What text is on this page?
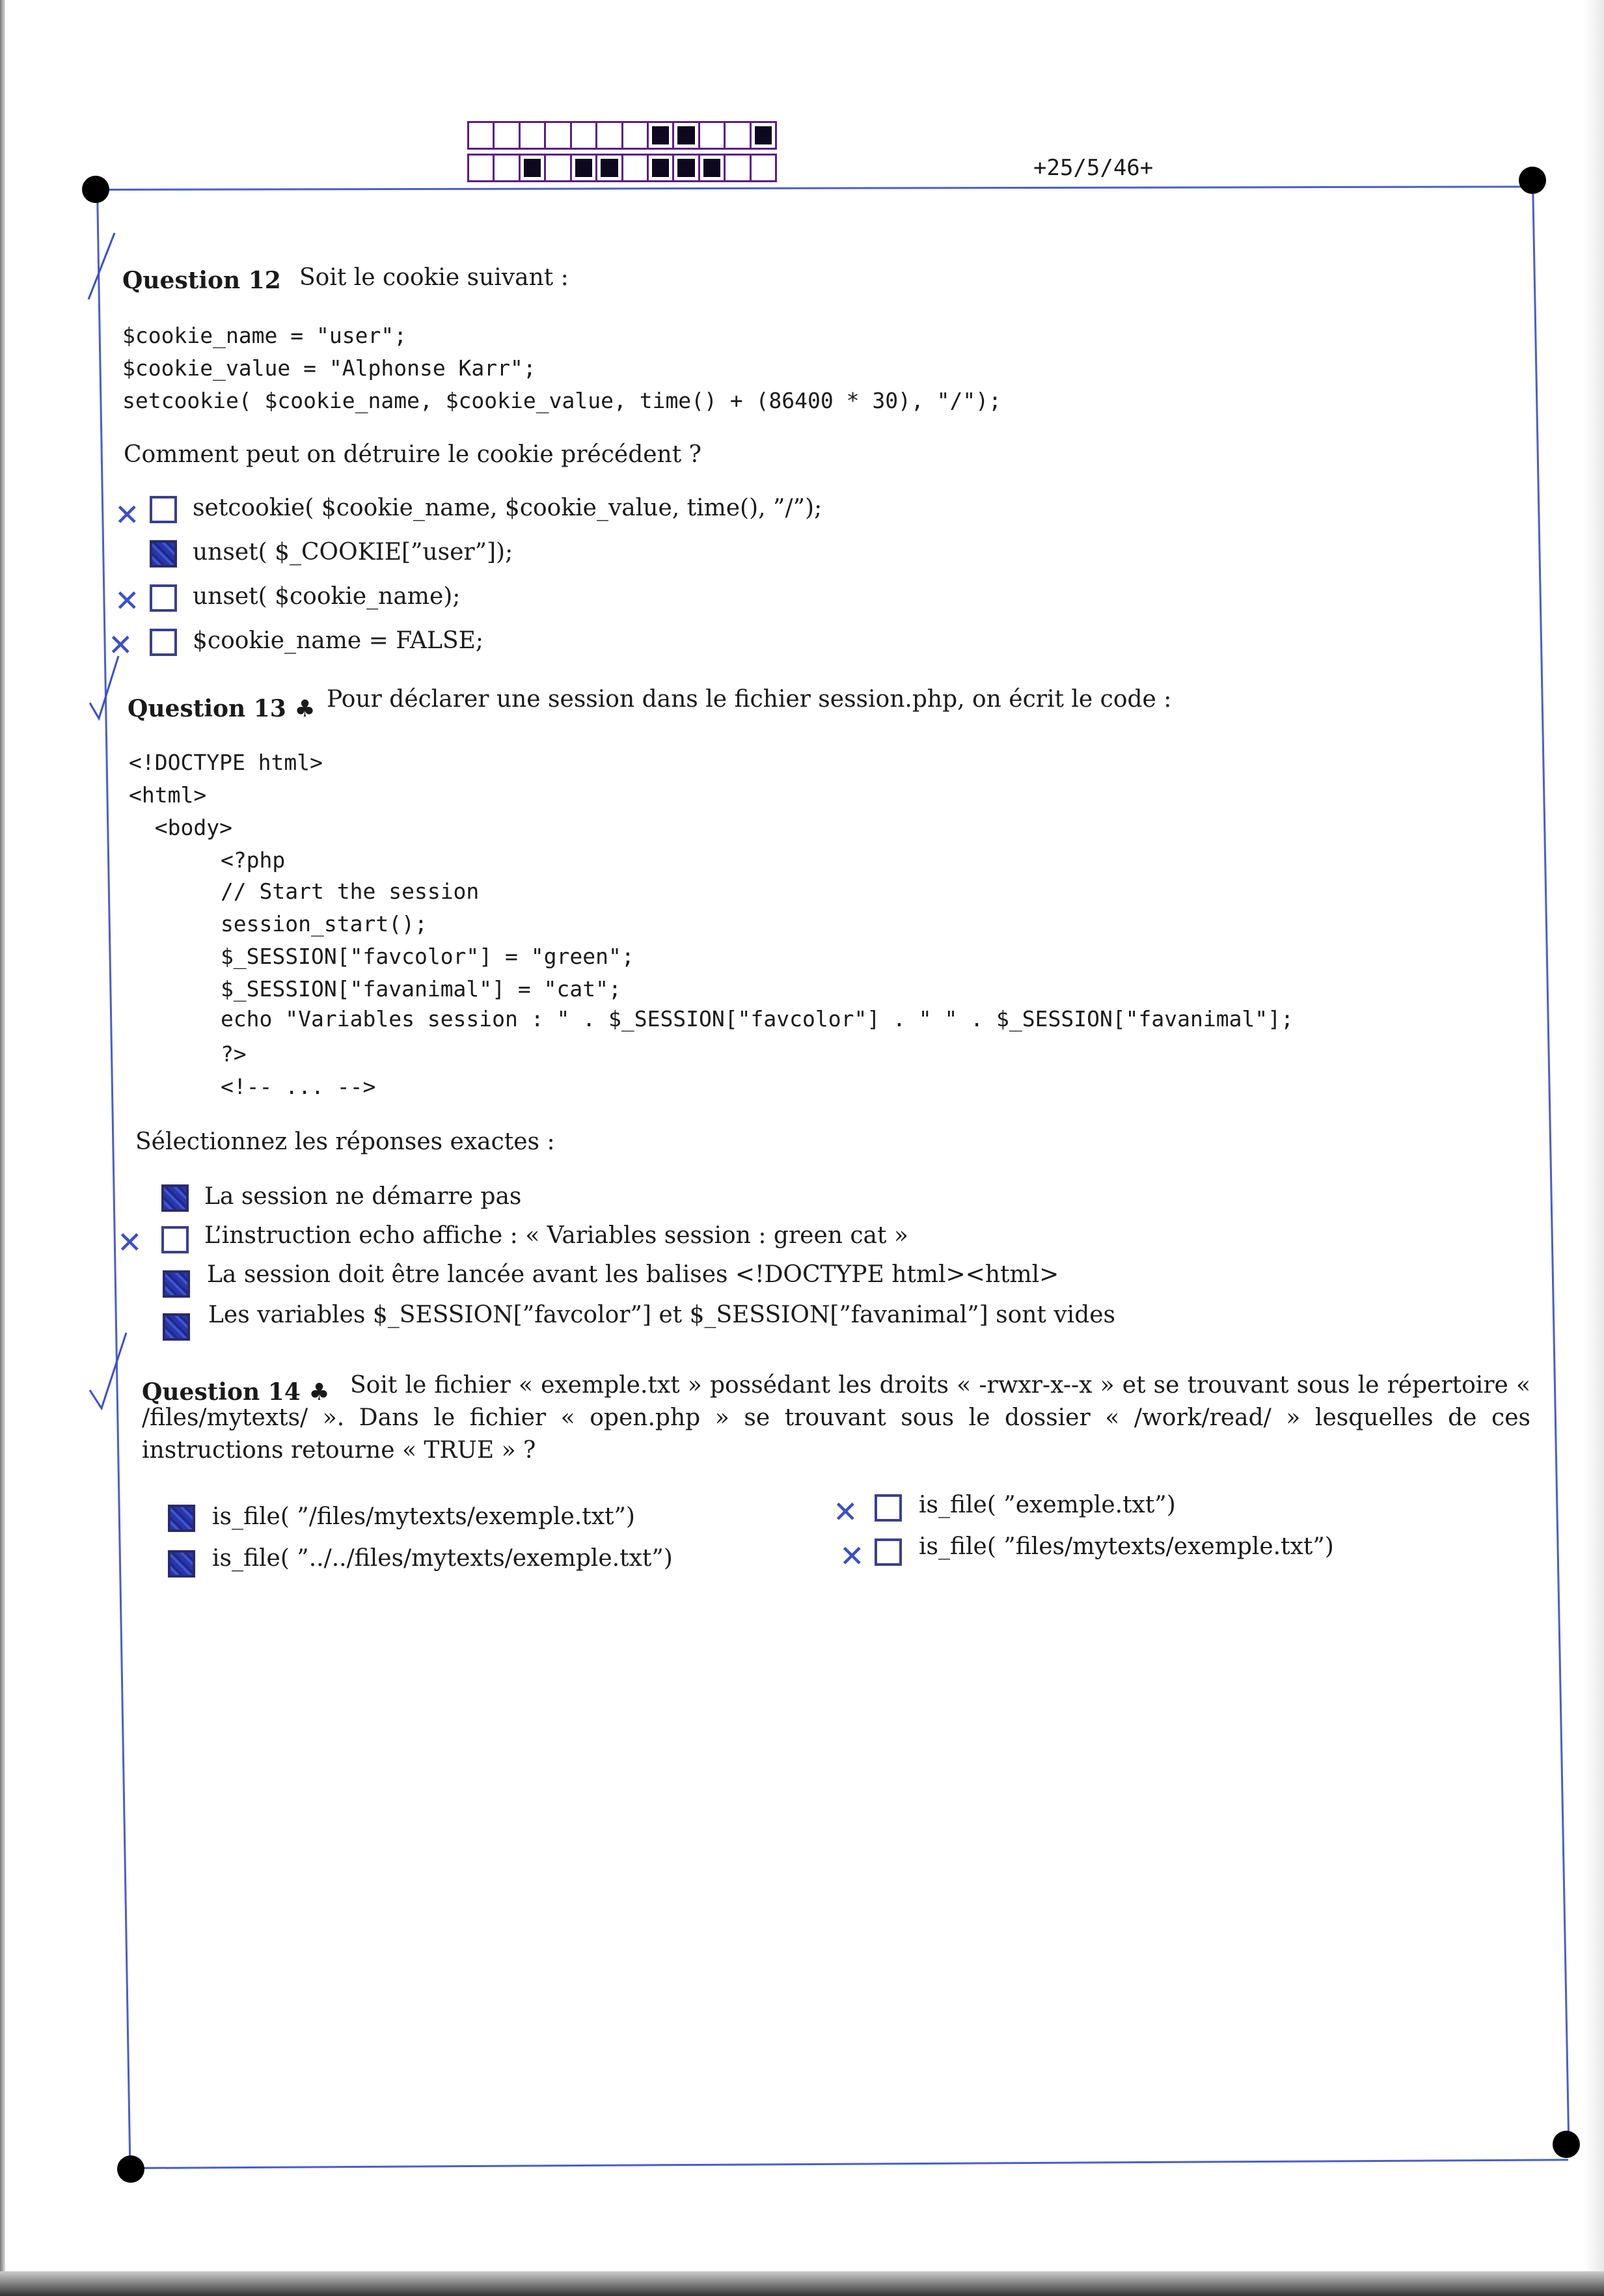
+25/5/46+
Question 12 Soit le cookie suivant :
$cookie_name = "user";
$cookie_value = "Alphonse Karr";
setcookie( $cookie_name, $cookie_value, time() + (86400 * 30), "/");
Comment peut on détruire le cookie précédent ?
✕ setcookie( $cookie_name, $cookie_value, time(), ”/”);
unset( $_COOKIE[”user”]);
✕ unset( $cookie_name);
✕	$cookie_name = FALSE;
Question 13 ♣ Pour déclarer une session dans le fichier session.php, on écrit le code :
<!DOCTYPE html>
<html>
<body>
<?php
// Start the session
session_start();
$_SESSION["favcolor"] = "green";
$_SESSION["favanimal"] = "cat";
echo "Variables session : " . $_SESSION["favcolor"] . " " . $_SESSION["favanimal"];
?>
<!-- ... -->
Sélectionnez les réponses exactes :
La session ne démarre pas
✕	L’instruction echo affiche : « Variables session : green cat »
La session doit être lancée avant les balises <!DOCTYPE html><html>
Les variables $_SESSION[”favcolor”] et $_SESSION[”favanimal”] sont vides
Question 14 ♣ Soit le fichier « exemple.txt » possédant les droits « -rwxr-x--x » et se trouvant sous le répertoire « /files/mytexts/ ». Dans le fichier « open.php » se trouvant sous le dossier « /work/read/ » lesquelles de ces instructions retourne « TRUE » ?
is_file( ”/files/mytexts/exemple.txt”)
is_file( ”../../files/mytexts/exemple.txt”)
✕	is_file( ”exemple.txt”)
✕ is_file( ”files/mytexts/exemple.txt”)
